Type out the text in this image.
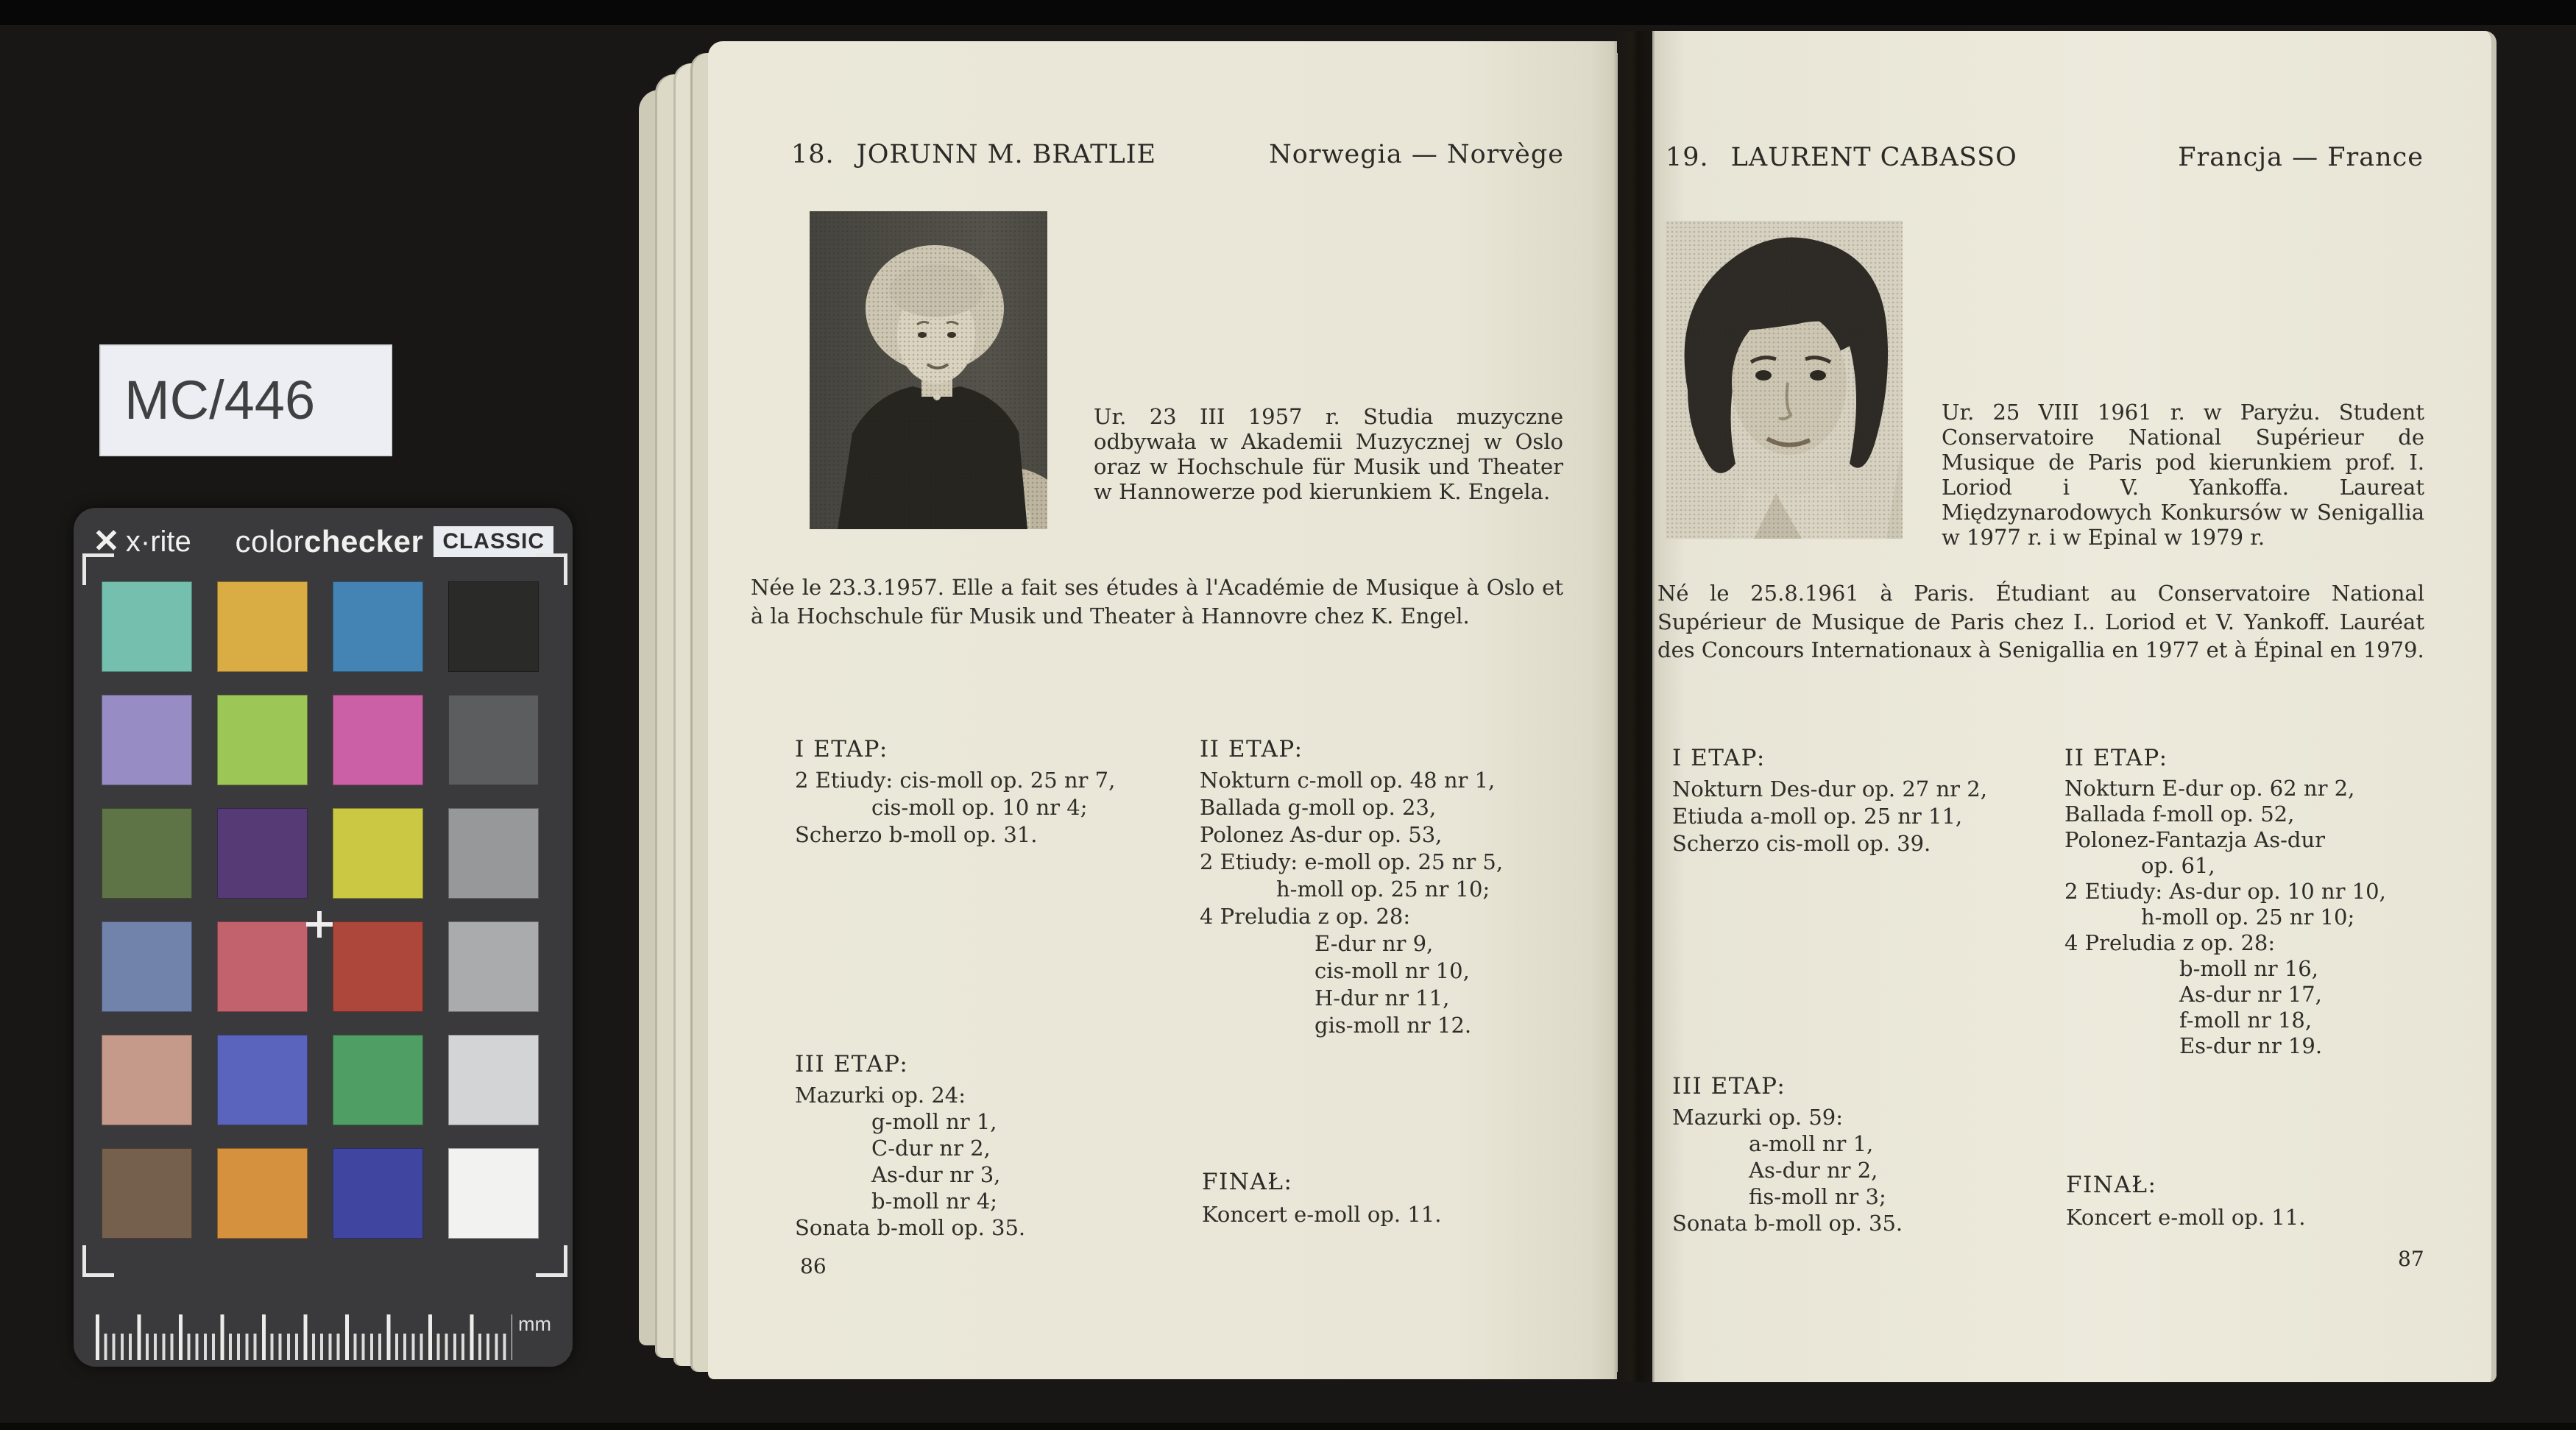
MC/446
✕ x·rite colorchecker CLASSIC
mm
18. JORUNN M. BRATLIE	Norwegia — Norvège
Ur. 23 III 1957 r. Studia muzyczne odbywała w Akademii Muzycznej w Oslo oraz w Hochschule für Musik und Theater w Hannowerze pod kierunkiem K. Engela.
Née le 23.3.1957. Elle a fait ses études à l'Académie de Musique à Oslo et à la Hochschule für Musik und Theater à Hannovre chez K. Engel.
I ETAP:
2 Etiudy: cis-moll op. 25 nr 7,
cis-moll op. 10 nr 4;
Scherzo b-moll op. 31.
II ETAP:
Nokturn c-moll op. 48 nr 1,
Ballada g-moll op. 23,
Polonez As-dur op. 53,
2 Etiudy: e-moll op. 25 nr 5,
h-moll op. 25 nr 10;
4 Preludia z op. 28:
E-dur nr 9,
cis-moll nr 10,
H-dur nr 11,
gis-moll nr 12.
III ETAP:
Mazurki op. 24:
g-moll nr 1,
C-dur nr 2,
As-dur nr 3,
b-moll nr 4;
Sonata b-moll op. 35.
FINAŁ:
Koncert e-moll op. 11.
86
19. LAURENT CABASSO	Francja — France
Ur. 25 VIII 1961 r. w Paryżu. Student Conservatoire National Supérieur de Musique de Paris pod kierunkiem prof. I. Loriod i V. Yankoffa. Laureat Międzynarodowych Konkursów w Senigallia w 1977 r. i w Epinal w 1979 r.
Né le 25.8.1961 à Paris. Étudiant au Conservatoire National Supérieur de Musique de Paris chez I.. Loriod et V. Yankoff. Lauréat des Concours Internationaux à Senigallia en 1977 et à Épinal en 1979.
I ETAP:
Nokturn Des-dur op. 27 nr 2,
Etiuda a-moll op. 25 nr 11,
Scherzo cis-moll op. 39.
II ETAP:
Nokturn E-dur op. 62 nr 2,
Ballada f-moll op. 52,
Polonez-Fantazja As-dur
op. 61,
2 Etiudy: As-dur op. 10 nr 10,
h-moll op. 25 nr 10;
4 Preludia z op. 28:
b-moll nr 16,
As-dur nr 17,
f-moll nr 18,
Es-dur nr 19.
III ETAP:
Mazurki op. 59:
a-moll nr 1,
As-dur nr 2,
fis-moll nr 3;
Sonata b-moll op. 35.
FINAŁ:
Koncert e-moll op. 11.
87
